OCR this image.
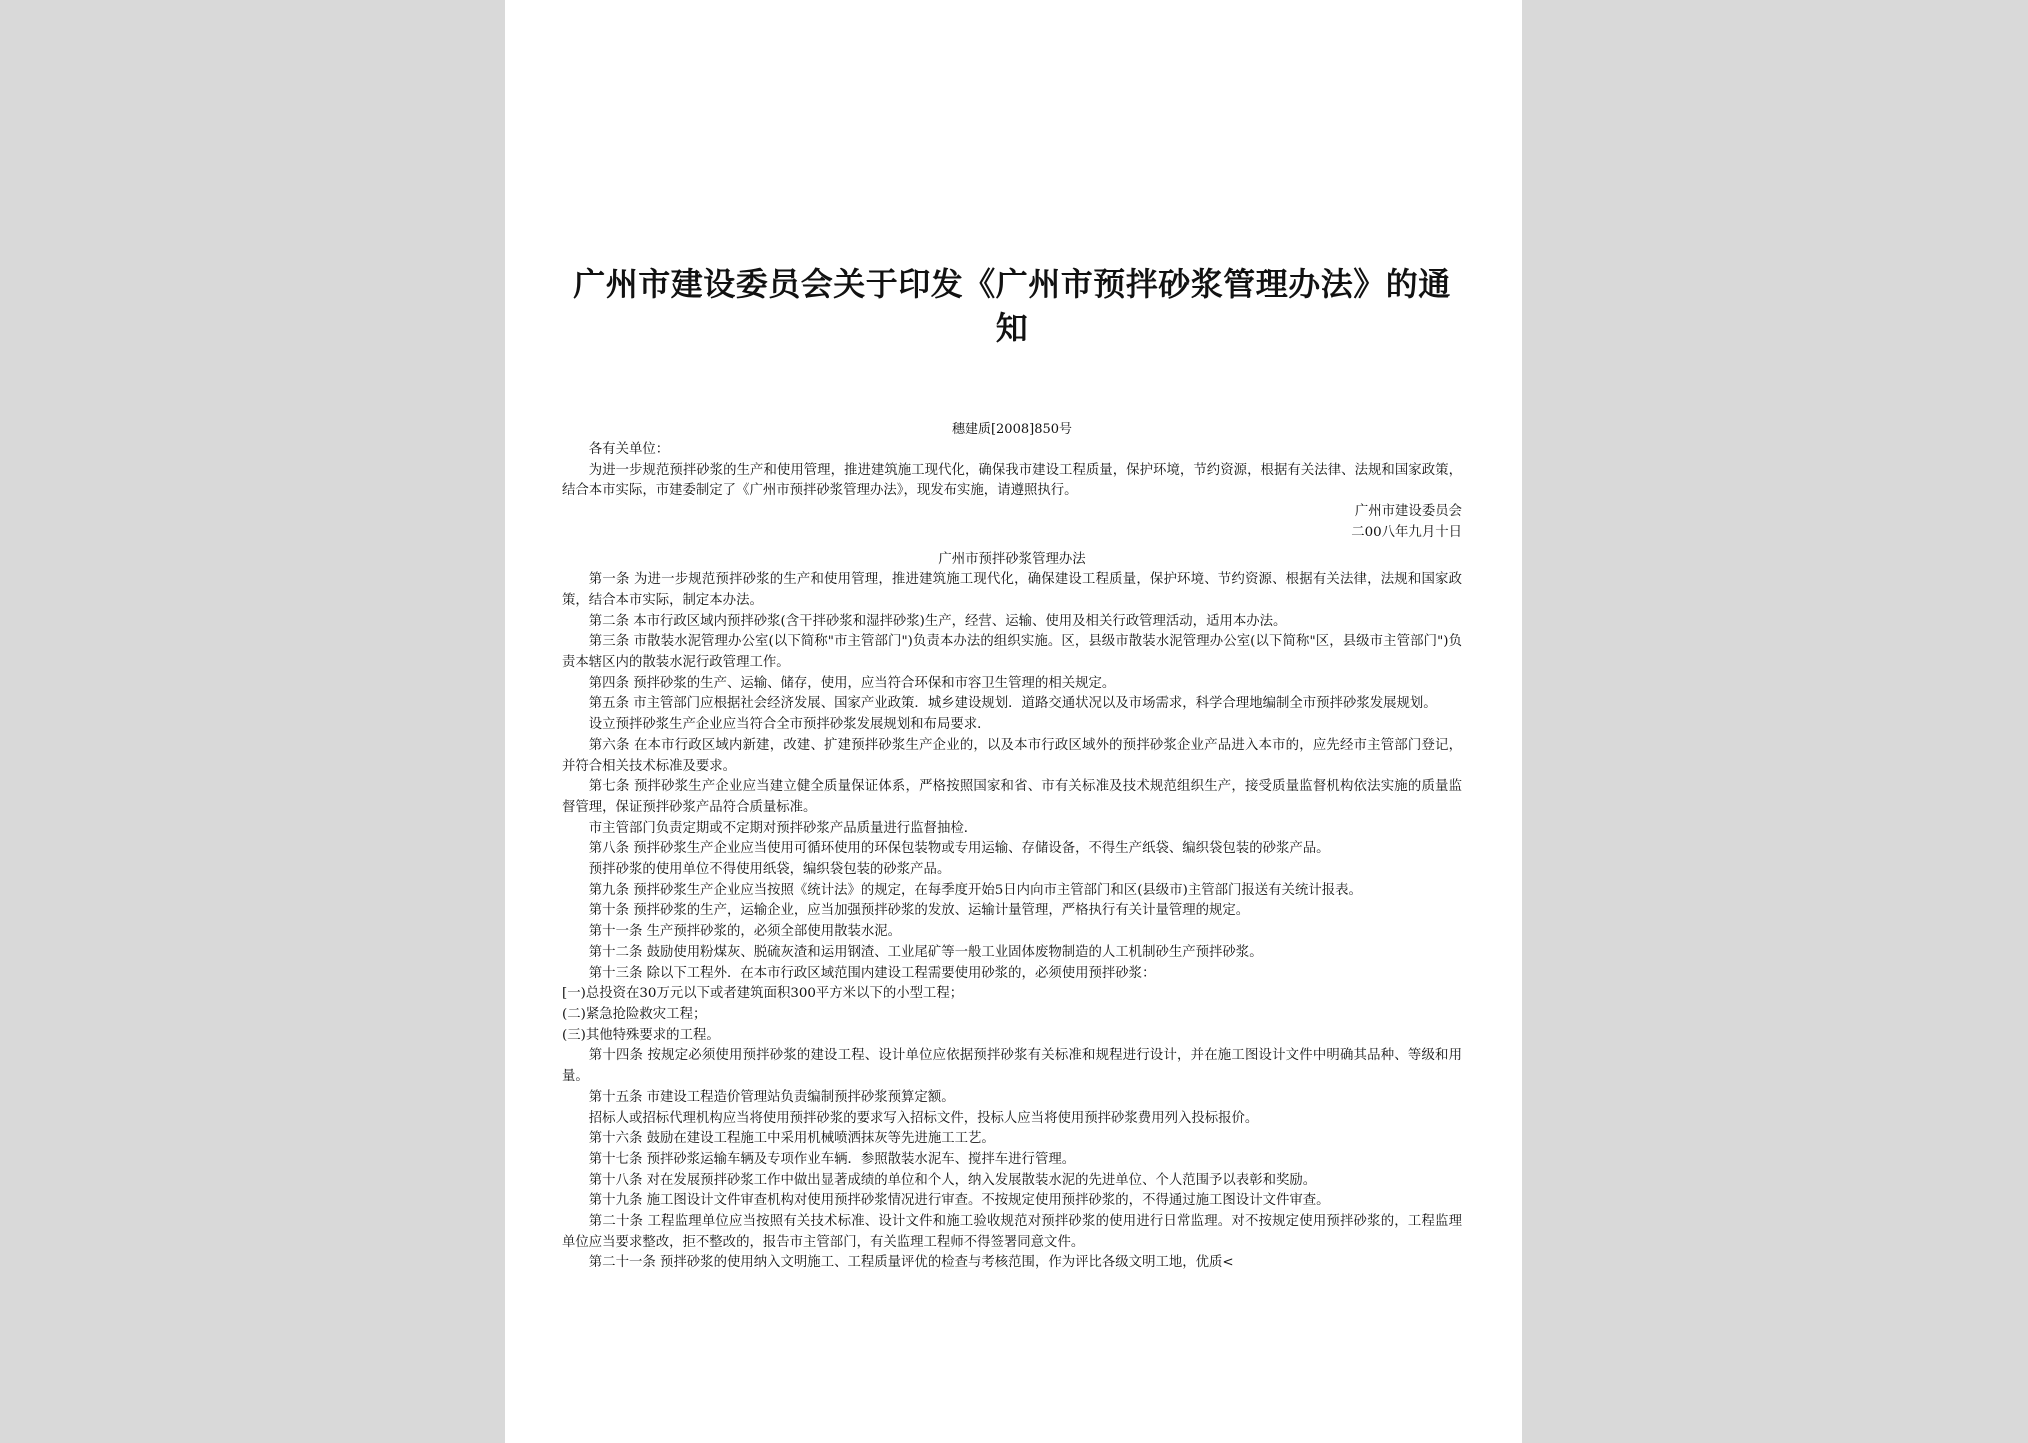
广州市建设委员会关于印发《广州市预拌砂浆管理办法》的通知
穗建质[2008]850号

各有关单位：

为进一步规范预拌砂浆的生产和使用管理，推进建筑施工现代化，确保我市建设工程质量，保护环境，节约资源，根据有关法律、法规和国家政策，结合本市实际，市建委制定了《广州市预拌砂浆管理办法》，现发布实施，请遵照执行。

广州市建设委员会
二00八年九月十日
广州市预拌砂浆管理办法

第一条 为进一步规范预拌砂浆的生产和使用管理，推进建筑施工现代化，确保建设工程质量，保护环境、节约资源、根据有关法律，法规和国家政策，结合本市实际，制定本办法。

第二条 本市行政区域内预拌砂浆(含干拌砂浆和湿拌砂浆)生产，经营、运输、使用及相关行政管理活动，适用本办法。

第三条 市散装水泥管理办公室(以下简称"市主管部门")负责本办法的组织实施。区，县级市散装水泥管理办公室(以下简称"区，县级市主管部门")负责本辖区内的散装水泥行政管理工作。

第四条 预拌砂浆的生产、运输、储存，使用，应当符合环保和市容卫生管理的相关规定。

第五条 市主管部门应根据社会经济发展、国家产业政策．城乡建设规划．道路交通状况以及市场需求，科学合理地编制全市预拌砂浆发展规划。

设立预拌砂浆生产企业应当符合全市预拌砂浆发展规划和布局要求．

第六条 在本市行政区域内新建，改建、扩建预拌砂浆生产企业的，以及本市行政区域外的预拌砂浆企业产品进入本市的，应先经市主管部门登记，并符合相关技术标准及要求。

第七条 预拌砂浆生产企业应当建立健全质量保证体系，严格按照国家和省、市有关标准及技术规范组织生产，接受质量监督机构依法实施的质量监督管理，保证预拌砂浆产品符合质量标准。

市主管部门负责定期或不定期对预拌砂浆产品质量进行监督抽检．

第八条 预拌砂浆生产企业应当使用可循环使用的环保包装物或专用运输、存储设备，不得生产纸袋、编织袋包装的砂浆产品。

预拌砂浆的使用单位不得使用纸袋，编织袋包装的砂浆产品。

第九条 预拌砂浆生产企业应当按照《统计法》的规定，在每季度开始5日内向市主管部门和区(县级市)主管部门报送有关统计报表。

第十条 预拌砂浆的生产，运输企业，应当加强预拌砂浆的发放、运输计量管理，严格执行有关计量管理的规定。

第十一条 生产预拌砂浆的，必须全部使用散装水泥。

第十二条 鼓励使用粉煤灰、脱硫灰渣和运用钢渣、工业尾矿等一般工业固体废物制造的人工机制砂生产预拌砂浆。

第十三条 除以下工程外．在本市行政区域范围内建设工程需要使用砂浆的，必须使用预拌砂浆：

[一)总投资在30万元以下或者建筑面积300平方米以下的小型工程；

(二)紧急抢险救灾工程；

(三)其他特殊要求的工程。

第十四条 按规定必须使用预拌砂浆的建设工程、设计单位应依据预拌砂浆有关标准和规程进行设计，并在施工图设计文件中明确其品种、等级和用量。

第十五条 市建设工程造价管理站负责编制预拌砂浆预算定额。

招标人或招标代理机构应当将使用预拌砂浆的要求写入招标文件，投标人应当将使用预拌砂浆费用列入投标报价。

第十六条 鼓励在建设工程施工中采用机械喷洒抹灰等先进施工工艺。

第十七条 预拌砂浆运输车辆及专项作业车辆．参照散装水泥车、搅拌车进行管理。

第十八条 对在发展预拌砂浆工作中做出显著成绩的单位和个人，纳入发展散装水泥的先进单位、个人范围予以表彰和奖励。

第十九条 施工图设计文件审查机构对使用预拌砂浆情况进行审查。不按规定使用预拌砂浆的，不得通过施工图设计文件审查。

第二十条 工程监理单位应当按照有关技术标准、设计文件和施工验收规范对预拌砂浆的使用进行日常监理。对不按规定使用预拌砂浆的，工程监理单位应当要求整改，拒不整改的，报告市主管部门，有关监理工程师不得签署同意文件。

第二十一条 预拌砂浆的使用纳入文明施工、工程质量评优的检查与考核范围，作为评比各级文明工地，优质<
